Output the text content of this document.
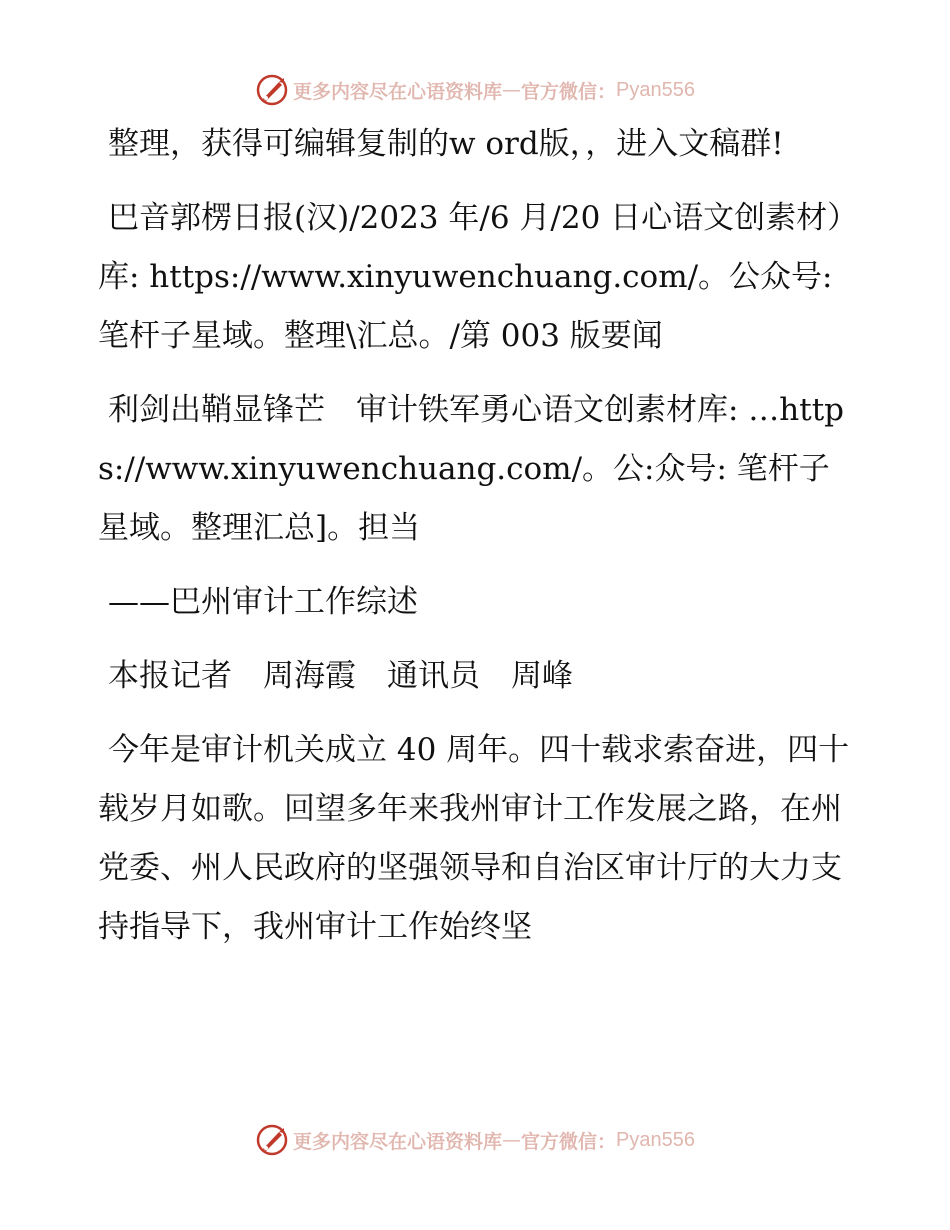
更多内容尽在心语资料库 — 官方微信： Pyan556

整理，获得可编辑复制的w ord版，，进入文稿群!

巴音郭楞日报(汉)/2023 年/6 月/20 日心语文创素材）库: https://www.xinyuwenchuang.com/。公众号: 笔杆子星域。整理\汇总。/第 003 版要闻

利剑出鞘显锋芒　审计铁军勇心语文创素材库: …https://www.xinyuwenchuang.com/。公:众号: 笔杆子星域。整理汇总]。担当

——巴州审计工作综述

本报记者　周海霞　通讯员　周峰

今年是审计机关成立 40 周年。四十载求索奋进，四十载岁月如歌。回望多年来我州审计工作发展之路，在州党委、州人民政府的坚强领导和自治区审计厅的大力支持指导下，我州审计工作始终坚

更多内容尽在心语资料库 — 官方微信： Pyan556
